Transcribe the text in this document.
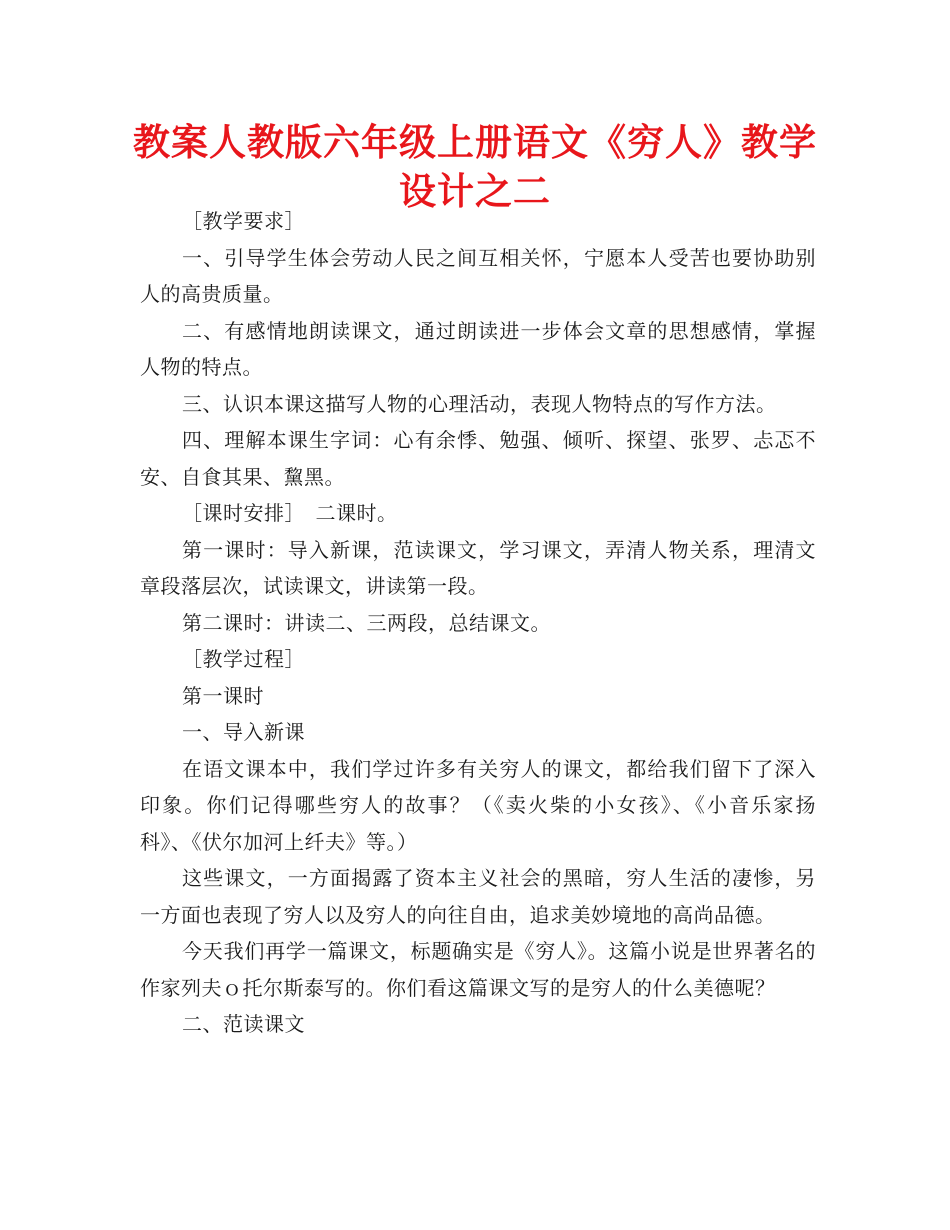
教案人教版六年级上册语文《穷人》教学设计之二

［教学要求］

一、引导学生体会劳动人民之间互相关怀，宁愿本人受苦也要协助别人的高贵质量。

二、有感情地朗读课文，通过朗读进一步体会文章的思想感情，掌握人物的特点。

三、认识本课这描写人物的心理活动，表现人物特点的写作方法。

四、理解本课生字词：心有余悸、勉强、倾听、探望、张罗、忐忑不安、自食其果、黧黑。

［课时安排］　二课时。

第一课时：导入新课，范读课文，学习课文，弄清人物关系，理清文章段落层次，试读课文，讲读第一段。

第二课时：讲读二、三两段，总结课文。

［教学过程］

第一课时

一、导入新课

在语文课本中，我们学过许多有关穷人的课文，都给我们留下了深入印象。你们记得哪些穷人的故事？（《卖火柴的小女孩》、《小音乐家扬科》、《伏尔加河上纤夫》等。）

这些课文，一方面揭露了资本主义社会的黑暗，穷人生活的凄惨，另一方面也表现了穷人以及穷人的向往自由，追求美妙境地的高尚品德。

今天我们再学一篇课文，标题确实是《穷人》。这篇小说是世界著名的作家列夫ｏ托尔斯泰写的。你们看这篇课文写的是穷人的什么美德呢？

二、范读课文
